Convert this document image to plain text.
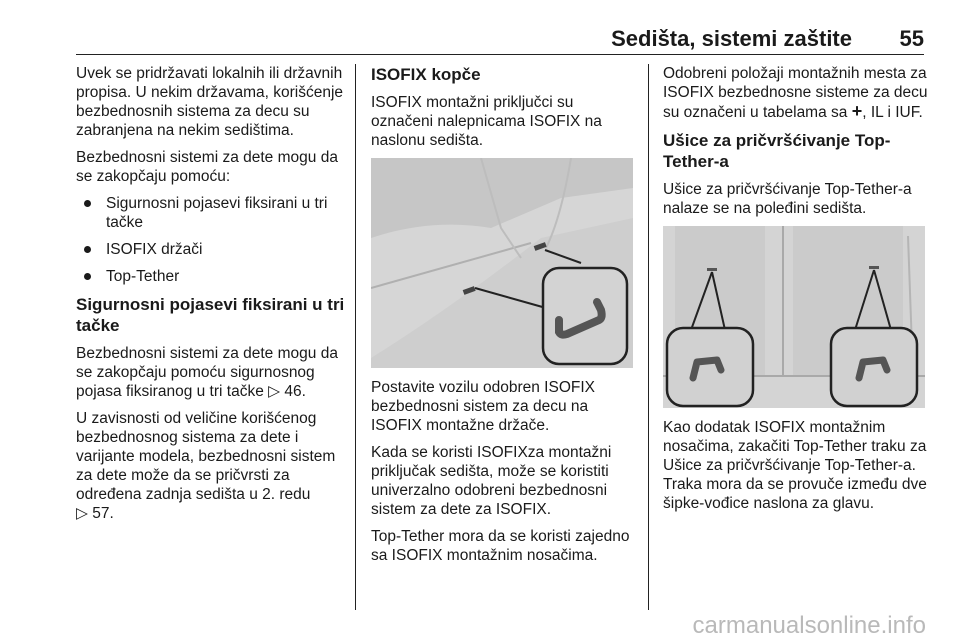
Sedišta, sistemi zaštite 55

Uvek se pridržavati lokalnih ili državnih propisa. U nekim državama, korišćenje bezbednosnih sistema za decu su zabranjena na nekim sedištima.

Bezbednosni sistemi za dete mogu da se zakopčaju pomoću:

Sigurnosni pojasevi fiksirani u tri tačke
ISOFIX držači
Top-Tether
Sigurnosni pojasevi fiksirani u tri tačke

Bezbednosni sistemi za dete mogu da se zakopčaju pomoću sigurnosnog pojasa fiksiranog u tri tačke ▷ 46.

U zavisnosti od veličine korišćenog bezbednosnog sistema za dete i varijante modela, bezbednosni sistem za dete može da se pričvrsti za određena zadnja sedišta u 2. redu
▷ 57.

ISOFIX kopče

ISOFIX montažni priključci su označeni nalepnicama ISOFIX na naslonu sedišta.

Postavite vozilu odobren ISOFIX bezbednosni sistem za decu na ISOFIX montažne držače.

Kada se koristi ISOFIXza montažni priključak sedišta, može se koristiti univerzalno odobreni bezbednosni sistem za dete za ISOFIX.

Top-Tether mora da se koristi zajedno sa ISOFIX montažnim nosačima.

Odobreni položaji montažnih mesta za ISOFIX bezbednosne sisteme za decu su označeni u tabelama sa +, IL i IUF.

Ušice za pričvršćivanje Top-Tether-a

Ušice za pričvršćivanje Top-Tether-a nalaze se na poleđini sedišta.

Kao dodatak ISOFIX montažnim nosačima, zakačiti Top-Tether traku za Ušice za pričvršćivanje Top-Tether-a. Traka mora da se provuče između dve šipke-vođice naslona za glavu.

carmanualsonline.info
